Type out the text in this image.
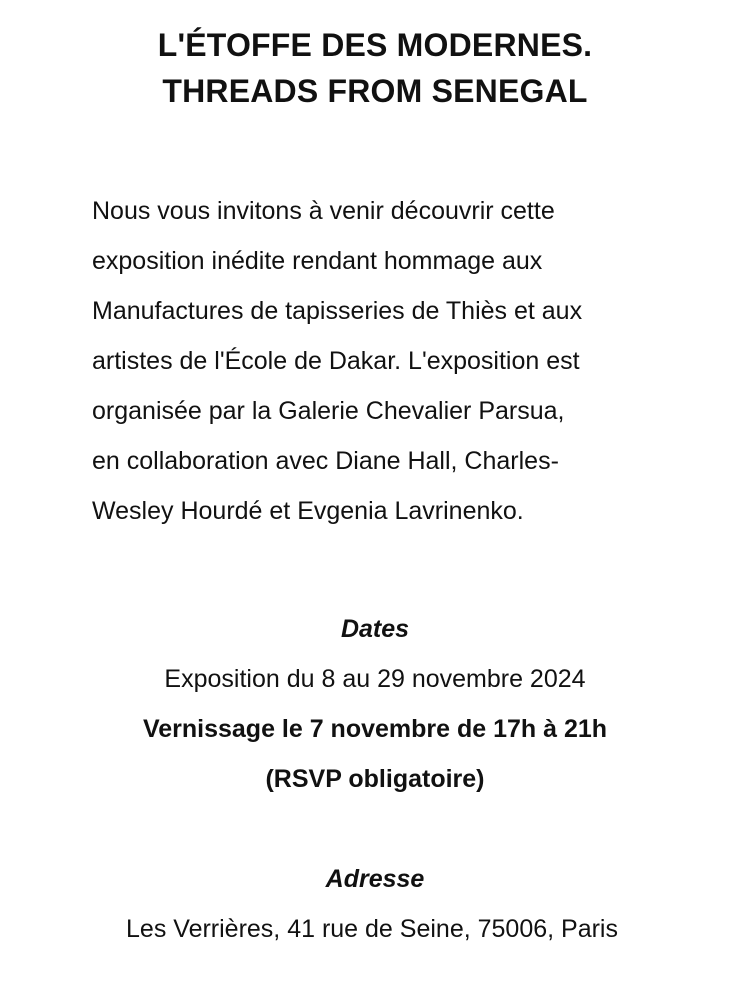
L'ÉTOFFE DES MODERNES.
THREADS FROM SENEGAL
Nous vous invitons à venir découvrir cette
exposition inédite rendant hommage aux
Manufactures de tapisseries de Thiès et aux
artistes de l'École de Dakar. L'exposition est
organisée par la Galerie Chevalier Parsua,
en collaboration avec Diane Hall, Charles-
Wesley Hourdé et Evgenia Lavrinenko.
Dates
Exposition du 8 au 29 novembre 2024
Vernissage le 7 novembre de 17h à 21h
(RSVP obligatoire)
Adresse
Les Verrières, 41 rue de Seine, 75006, Paris
